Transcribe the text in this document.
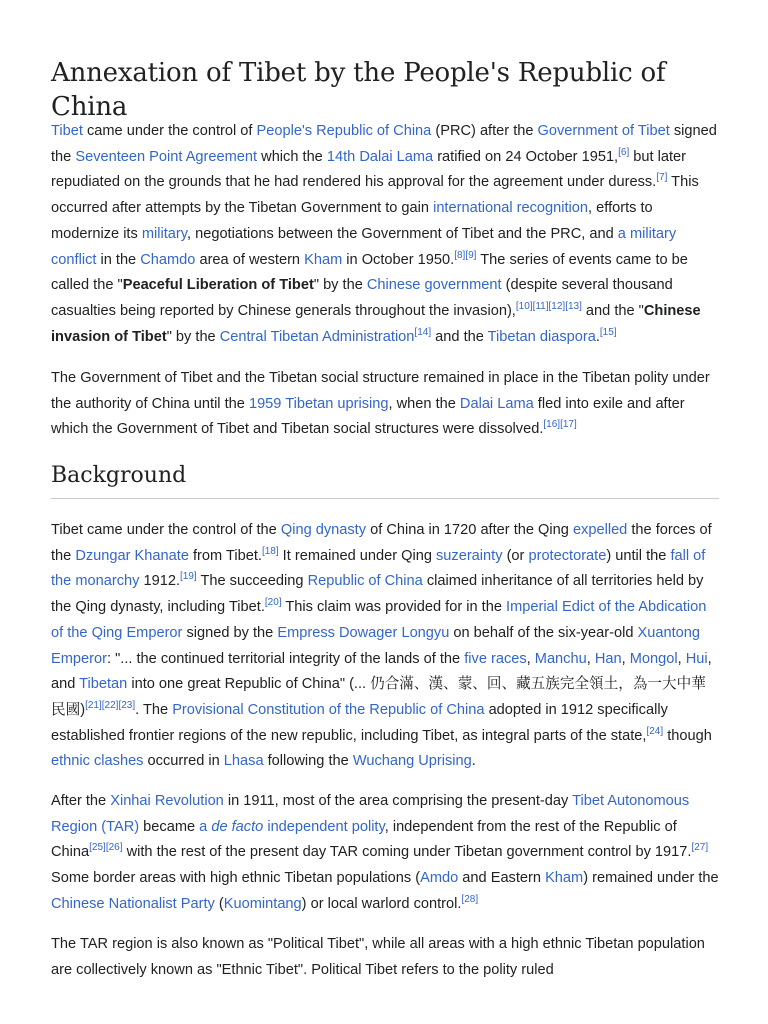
Annexation of Tibet by the People's Republic of China

Tibet came under the control of People's Republic of China (PRC) after the Government of Tibet signed the Seventeen Point Agreement which the 14th Dalai Lama ratified on 24 October 1951,[6] but later repudiated on the grounds that he had rendered his approval for the agreement under duress.[7] This occurred after attempts by the Tibetan Government to gain international recognition, efforts to modernize its military, negotiations between the Government of Tibet and the PRC, and a military conflict in the Chamdo area of western Kham in October 1950.[8][9] The series of events came to be called the "Peaceful Liberation of Tibet" by the Chinese government (despite several thousand casualties being reported by Chinese generals throughout the invasion),[10][11][12][13] and the "Chinese invasion of Tibet" by the Central Tibetan Administration[14] and the Tibetan diaspora.[15]

The Government of Tibet and the Tibetan social structure remained in place in the Tibetan polity under the authority of China until the 1959 Tibetan uprising, when the Dalai Lama fled into exile and after which the Government of Tibet and Tibetan social structures were dissolved.[16][17]

Background

Tibet came under the control of the Qing dynasty of China in 1720 after the Qing expelled the forces of the Dzungar Khanate from Tibet.[18] It remained under Qing suzerainty (or protectorate) until the fall of the monarchy 1912.[19] The succeeding Republic of China claimed inheritance of all territories held by the Qing dynasty, including Tibet.[20] This claim was provided for in the Imperial Edict of the Abdication of the Qing Emperor signed by the Empress Dowager Longyu on behalf of the six-year-old Xuantong Emperor: "... the continued territorial integrity of the lands of the five races, Manchu, Han, Mongol, Hui, and Tibetan into one great Republic of China" (... 仍合滿、漢、蒙、回、藏五族完全領土，為一大中華民國)[21][22][23]. The Provisional Constitution of the Republic of China adopted in 1912 specifically established frontier regions of the new republic, including Tibet, as integral parts of the state,[24] though ethnic clashes occurred in Lhasa following the Wuchang Uprising.

After the Xinhai Revolution in 1911, most of the area comprising the present-day Tibet Autonomous Region (TAR) became a de facto independent polity, independent from the rest of the Republic of China[25][26] with the rest of the present day TAR coming under Tibetan government control by 1917.[27] Some border areas with high ethnic Tibetan populations (Amdo and Eastern Kham) remained under the Chinese Nationalist Party (Kuomintang) or local warlord control.[28]

The TAR region is also known as "Political Tibet", while all areas with a high ethnic Tibetan population are collectively known as "Ethnic Tibet". Political Tibet refers to the polity ruled
